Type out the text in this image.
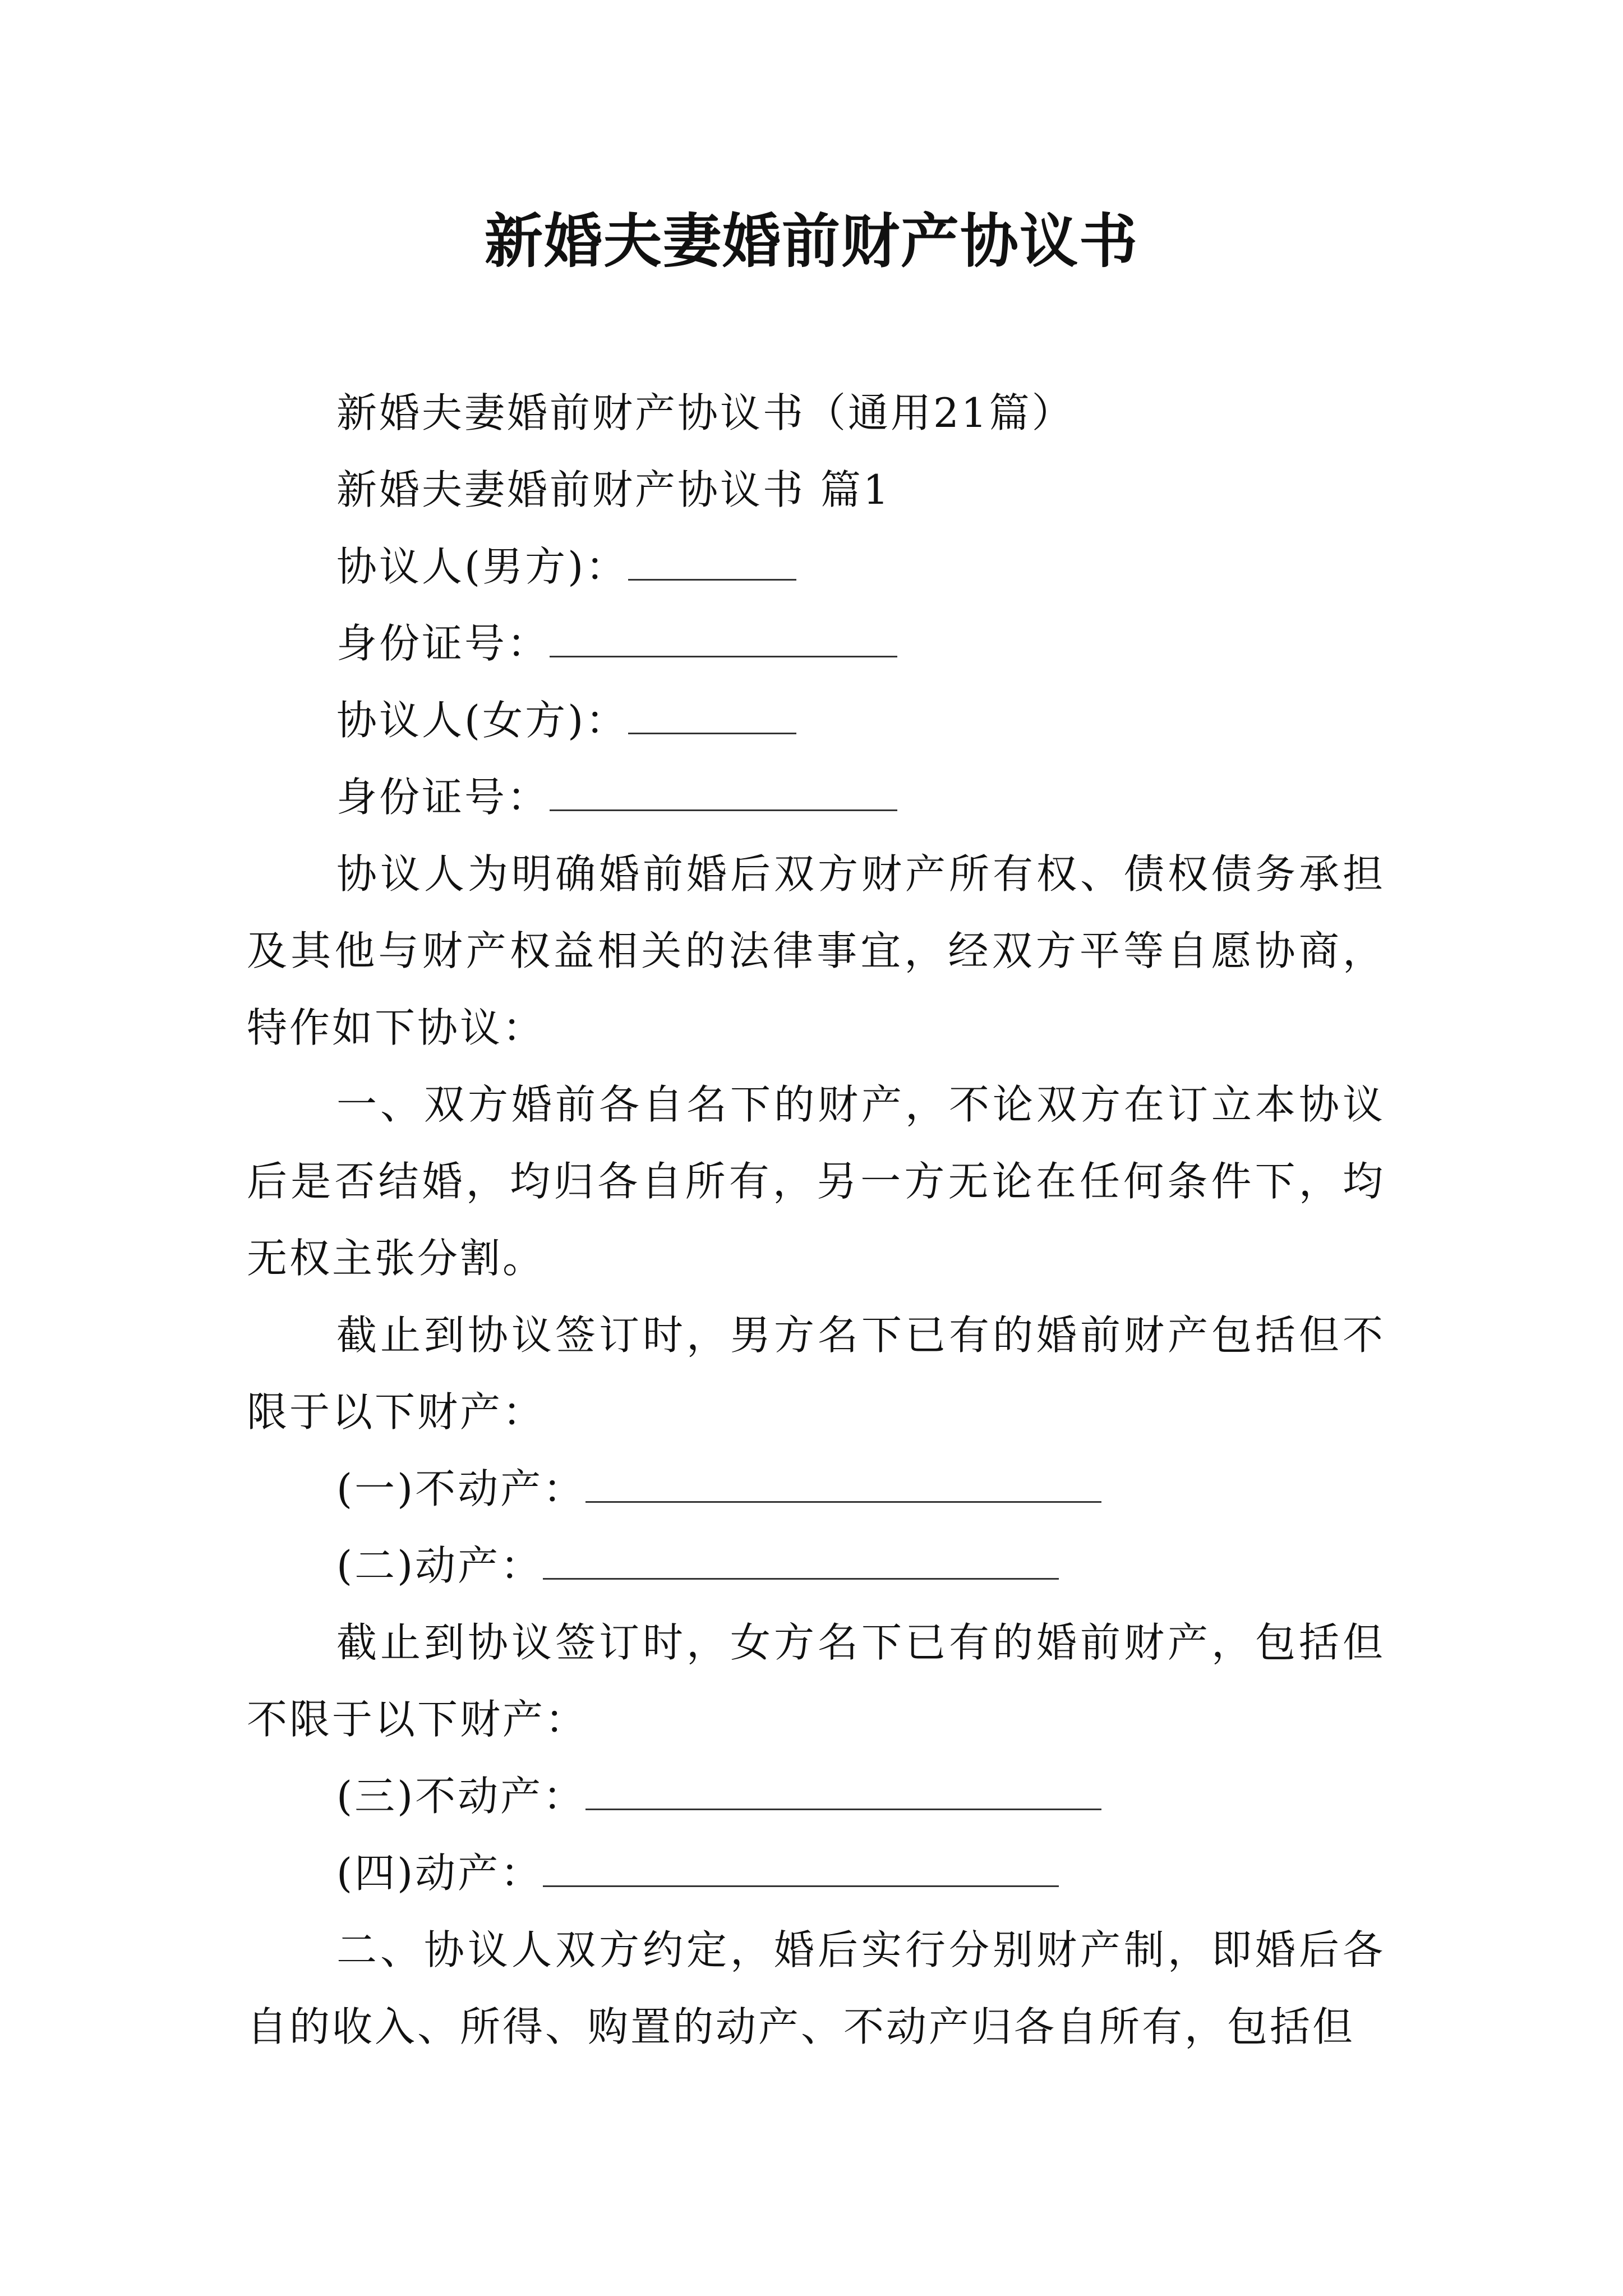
新婚夫妻婚前财产协议书

新婚夫妻婚前财产协议书（通用21篇）

新婚夫妻婚前财产协议书 篇1

协议人(男方)：

身份证号：

协议人(女方)：

身份证号：

协议人为明确婚前婚后双方财产所有权、债权债务承担及其他与财产权益相关的法律事宜，经双方平等自愿协商，特作如下协议：

一、双方婚前各自名下的财产，不论双方在订立本协议后是否结婚，均归各自所有，另一方无论在任何条件下，均无权主张分割。

截止到协议签订时，男方名下已有的婚前财产包括但不限于以下财产：

(一)不动产：

(二)动产：

截止到协议签订时，女方名下已有的婚前财产，包括但不限于以下财产：

(三)不动产：

(四)动产：

二、协议人双方约定，婚后实行分别财产制，即婚后各自的收入、所得、购置的动产、不动产归各自所有，包括但
